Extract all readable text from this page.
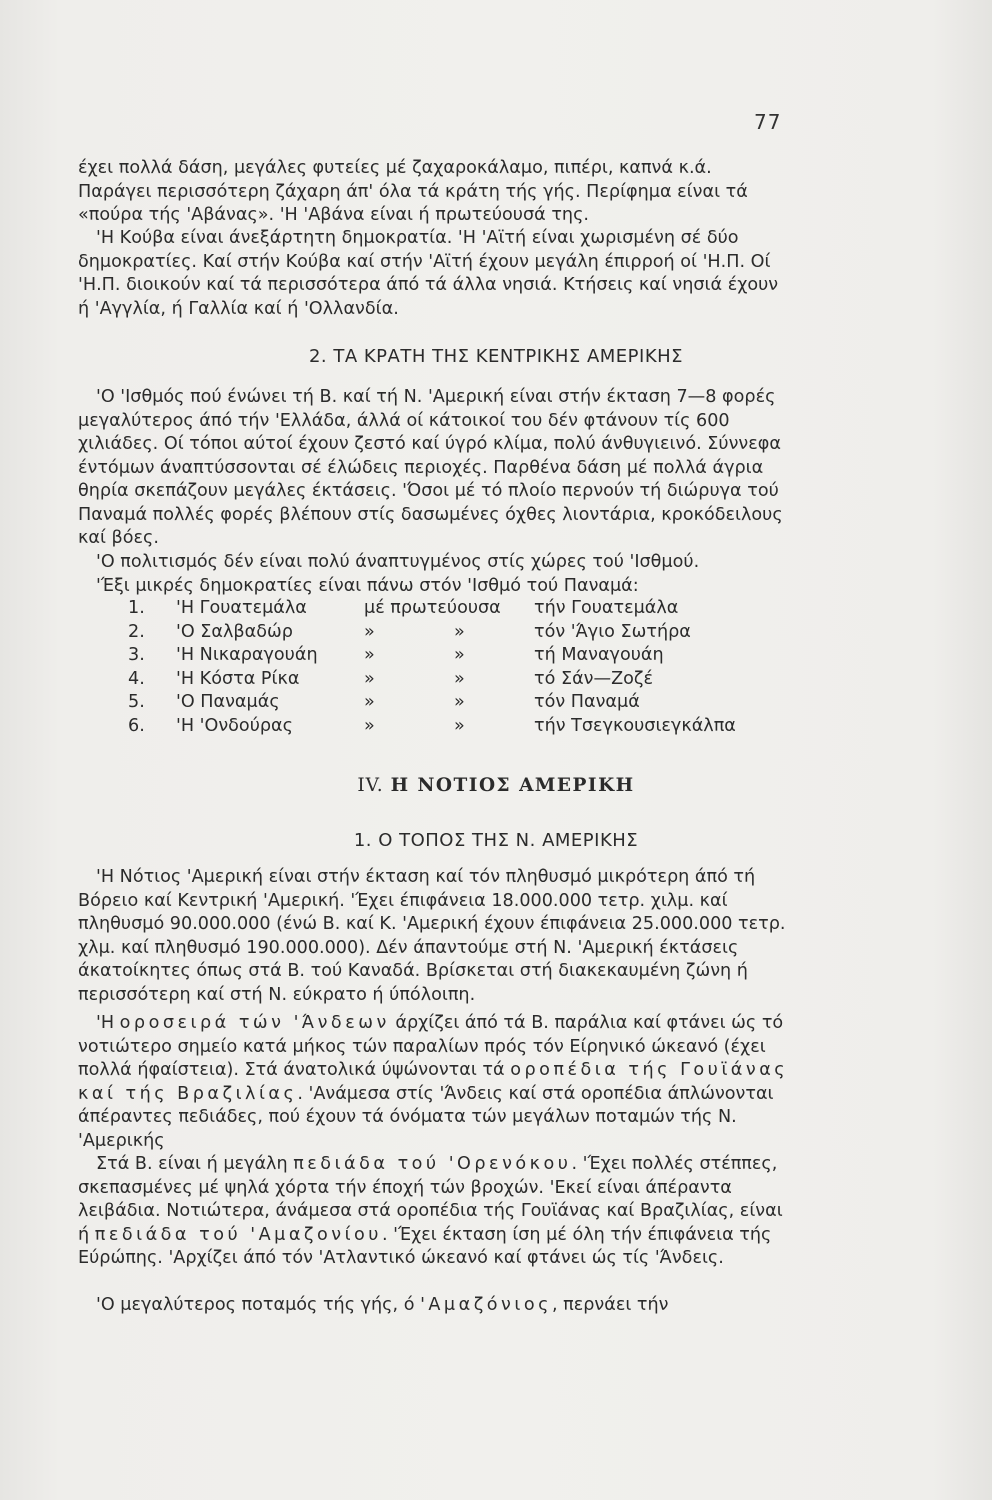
77

έχει πολλά δάση, μεγάλες φυτείες μέ ζαχαροκάλαμο, πιπέρι, καπνά κ.ά. Παράγει περισσότερη ζάχαρη άπ' όλα τά κράτη τής γής. Περίφημα είναι τά «πούρα τής 'Αβάνας». 'Η 'Αβάνα είναι ή πρωτεύουσά της.

'Η Κούβα είναι άνεξάρτητη δημοκρατία. 'Η 'Αϊτή είναι χωρισμένη σέ δύο δημοκρατίες. Καί στήν Κούβα καί στήν 'Αϊτή έχουν μεγάλη έπιρροή οί 'Η.Π. Οί 'Η.Π. διοικούν καί τά περισσότερα άπό τά άλλα νησιά. Κτήσεις καί νησιά έχουν ή 'Αγγλία, ή Γαλλία καί ή 'Ολλανδία.

2. ΤΑ ΚΡΑΤΗ ΤΗΣ ΚΕΝΤΡΙΚΗΣ ΑΜΕΡΙΚΗΣ

'Ο 'Ισθμός πού ένώνει τή Β. καί τή Ν. 'Αμερική είναι στήν έκταση 7—8 φορές μεγαλύτερος άπό τήν 'Ελλάδα, άλλά οί κάτοικοί του δέν φτάνουν τίς 600 χιλιάδες. Οί τόποι αύτοί έχουν ζεστό καί ύγρό κλίμα, πολύ άνθυγιεινό. Σύννεφα έντόμων άναπτύσσονται σέ έλώδεις περιοχές. Παρθένα δάση μέ πολλά άγρια θηρία σκεπάζουν μεγάλες έκτάσεις. 'Όσοι μέ τό πλοίο περνούν τή διώρυγα τού Παναμά πολλές φορές βλέπουν στίς δασωμένες όχθες λιοντάρια, κροκόδειλους καί βόες.

'Ο πολιτισμός δέν είναι πολύ άναπτυγμένος στίς χώρες τού 'Ισθμού.

'Έξι μικρές δημοκρατίες είναι πάνω στόν 'Ισθμό τού Παναμά:

1.	'Η Γουατεμάλα	μέ πρωτεύουσα		τήν Γουατεμάλα
2.	'Ο Σαλβαδώρ	»	»	τόν 'Άγιο Σωτήρα
3.	'Η Νικαραγουάη	»	»	τή Μαναγουάη
4.	'Η Κόστα Ρίκα	»	»	τό Σάν—Ζοζέ
5.	'Ο Παναμάς	»	»	τόν Παναμά
6.	'Η 'Ονδούρας	»	»	τήν Τσεγκουσιεγκάλπα
IV. Η ΝΟΤΙΟΣ ΑΜΕΡΙΚΗ
1. Ο ΤΟΠΟΣ ΤΗΣ Ν. ΑΜΕΡΙΚΗΣ

'Η Νότιος 'Αμερική είναι στήν έκταση καί τόν πληθυσμό μικρότερη άπό τή Βόρειο καί Κεντρική 'Αμερική. 'Έχει έπιφάνεια 18.000.000 τετρ. χιλμ. καί πληθυσμό 90.000.000 (ένώ Β. καί Κ. 'Αμερική έχουν έπιφάνεια 25.000.000 τετρ. χλμ. καί πληθυσμό 190.000.000). Δέν άπαντούμε στή Ν. 'Αμερική έκτάσεις άκατοίκητες όπως στά Β. τού Καναδά. Βρίσκεται στή διακεκαυμένη ζώνη ή περισσότερη καί στή Ν. εύκρατο ή ύπόλοιπη.

'Η οροσειρά τών 'Άνδεων άρχίζει άπό τά Β. παράλια καί φτάνει ώς τό νοτιώτερο σημείο κατά μήκος τών παραλίων πρός τόν Είρηνικό ώκεανό (έχει πολλά ήφαίστεια). Στά άνατολικά ύψώνονται τά οροπέδια τής Γουϊάνας καί τής Βραζιλίας. 'Ανάμεσα στίς 'Άνδεις καί στά οροπέδια άπλώνονται άπέραντες πεδιάδες, πού έχουν τά όνόματα τών μεγάλων ποταμών τής Ν. 'Αμερικής

Στά Β. είναι ή μεγάλη πεδιάδα τού 'Ορενόκου. 'Έχει πολλές στέππες, σκεπασμένες μέ ψηλά χόρτα τήν έποχή τών βροχών. 'Εκεί είναι άπέραντα λειβάδια. Νοτιώτερα, άνάμεσα στά οροπέδια τής Γουϊάνας καί Βραζιλίας, είναι ή πεδιάδα τού 'Αμαζονίου. 'Έχει έκταση ίση μέ όλη τήν έπιφάνεια τής Εύρώπης. 'Αρχίζει άπό τόν 'Ατλαντικό ώκεανό καί φτάνει ώς τίς 'Άνδεις.

'Ο μεγαλύτερος ποταμός τής γής, ό 'Αμαζόνιος, περνάει τήν
